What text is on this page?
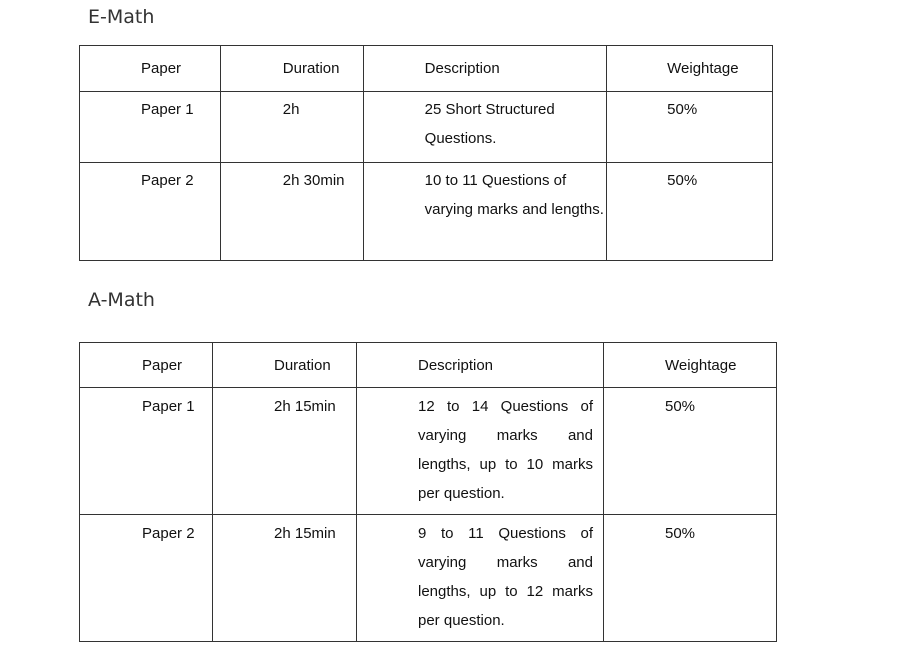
E-Math
Paper	Duration	Description	Weightage
Paper 1	2h	25 Short Structured Questions.	50%
Paper 2	2h 30min	10 to 11 Questions of varying marks and lengths.	50%
A-Math
Paper	Duration	Description	Weightage
Paper 1	2h 15min	12 to 14 Questions of varying marks and lengths, up to 10 marks per question.	50%
Paper 2	2h 15min	9 to 11 Questions of varying marks and lengths, up to 12 marks per question.	50%
